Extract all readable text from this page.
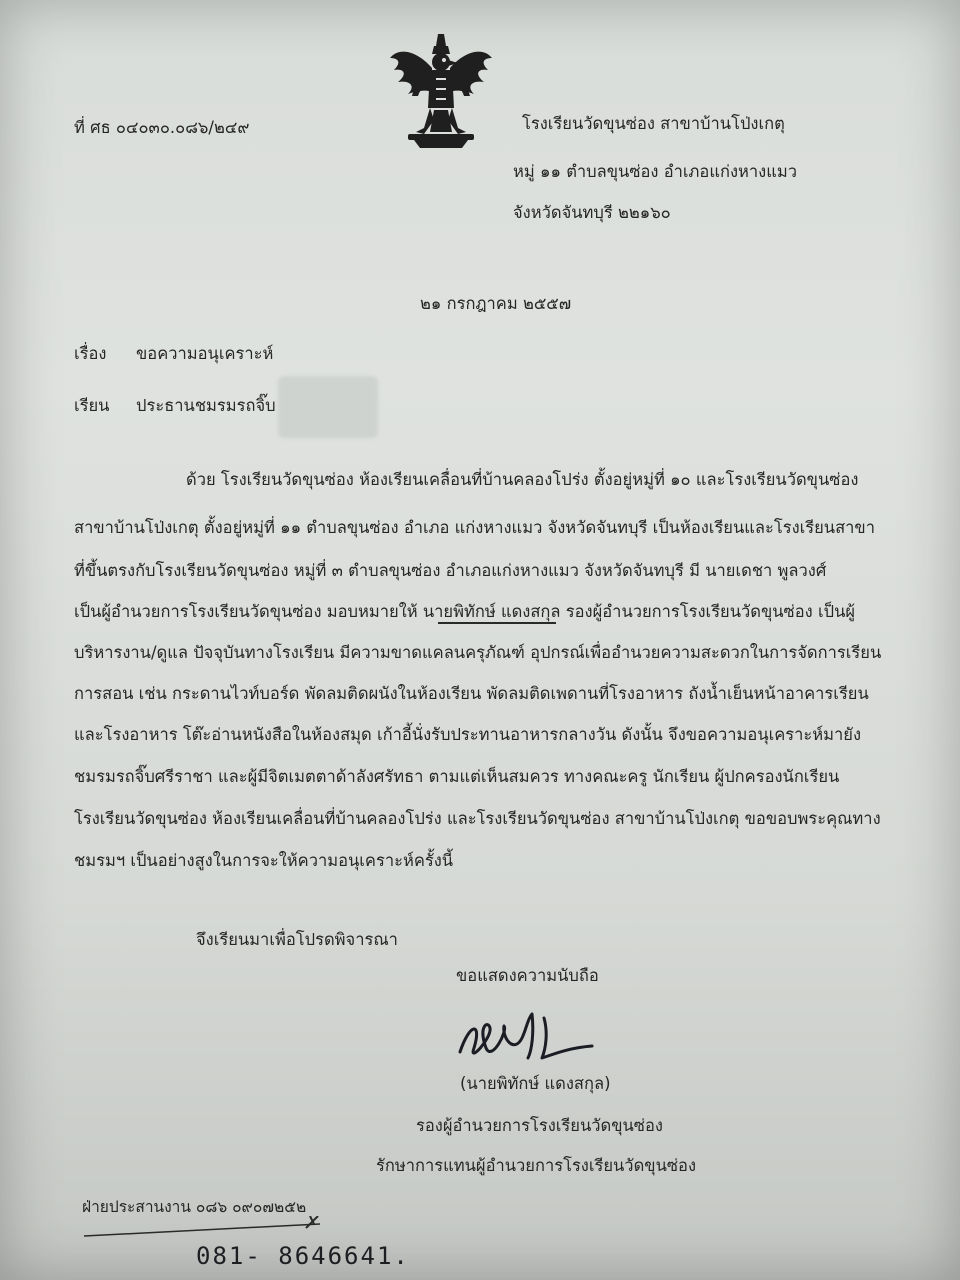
ที่ ศธ ๐๔๐๓๐.๐๘๖/๒๔๙	โรงเรียนวัดขุนซ่อง สาขาบ้านโป่งเกตุ
หมู่ ๑๑ ตำบลขุนซ่อง อำเภอแก่งหางแมว
จังหวัดจันทบุรี ๒๒๑๖๐
๒๑ กรกฎาคม ๒๕๕๗
เรื่อง ขอความอนุเคราะห์
เรียน ประธานชมรมรถจิ๊บ
ด้วย โรงเรียนวัดขุนซ่อง ห้องเรียนเคลื่อนที่บ้านคลองโปร่ง ตั้งอยู่หมู่ที่ ๑๐ และโรงเรียนวัดขุนซ่อง
สาขาบ้านโป่งเกตุ ตั้งอยู่หมู่ที่ ๑๑ ตำบลขุนซ่อง อำเภอ แก่งหางแมว จังหวัดจันทบุรี เป็นห้องเรียนและโรงเรียนสาขา
ที่ขึ้นตรงกับโรงเรียนวัดขุนซ่อง หมู่ที่ ๓ ตำบลขุนซ่อง อำเภอแก่งหางแมว จังหวัดจันทบุรี มี นายเดชา พูลวงศ์
เป็นผู้อำนวยการโรงเรียนวัดขุนซ่อง มอบหมายให้ นายพิทักษ์ แดงสกุล รองผู้อำนวยการโรงเรียนวัดขุนซ่อง เป็นผู้
บริหารงาน/ดูแล ปัจจุบันทางโรงเรียน มีความขาดแคลนครุภัณฑ์ อุปกรณ์เพื่ออำนวยความสะดวกในการจัดการเรียน
การสอน เช่น กระดานไวท์บอร์ด พัดลมติดผนังในห้องเรียน พัดลมติดเพดานที่โรงอาหาร ถังน้ำเย็นหน้าอาคารเรียน
และโรงอาหาร โต๊ะอ่านหนังสือในห้องสมุด เก้าอี้นั่งรับประทานอาหารกลางวัน ดังนั้น จึงขอความอนุเคราะห์มายัง
ชมรมรถจิ๊บศรีราชา และผู้มีจิตเมตตาด้าลังศรัทธา ตามแต่เห็นสมควร ทางคณะครู นักเรียน ผู้ปกครองนักเรียน
โรงเรียนวัดขุนซ่อง ห้องเรียนเคลื่อนที่บ้านคลองโปร่ง และโรงเรียนวัดขุนซ่อง สาขาบ้านโป่งเกตุ ขอขอบพระคุณทาง
ชมรมฯ เป็นอย่างสูงในการจะให้ความอนุเคราะห์ครั้งนี้
จึงเรียนมาเพื่อโปรดพิจารณา
ขอแสดงความนับถือ
(นายพิทักษ์ แดงสกุล)
รองผู้อำนวยการโรงเรียนวัดขุนซ่อง
รักษาการแทนผู้อำนวยการโรงเรียนวัดขุนซ่อง
ฝ่ายประสานงาน ๐๘๖ ๐๙๐๗๒๕๒
081- 8646641.
